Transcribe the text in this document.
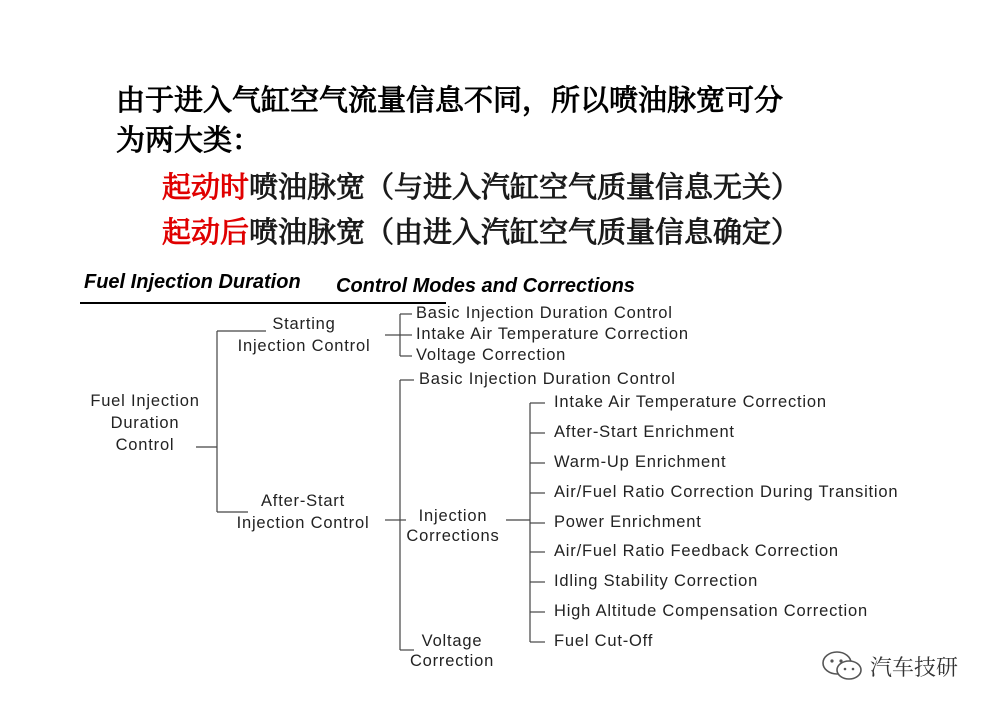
由于进入气缸空气流量信息不同，所以喷油脉宽可分
为两大类：
起动时喷油脉宽（与进入汽缸空气质量信息无关）
起动后喷油脉宽（由进入汽缸空气质量信息确定）
Fuel Injection Duration Control Modes and Corrections
Fuel Injection
Duration
Control
Starting
Injection Control
Basic Injection Duration Control
Intake Air Temperature Correction
Voltage Correction
After-Start
Injection Control
Basic Injection Duration Control
Injection
Corrections
Intake Air Temperature Correction
After-Start Enrichment
Warm-Up Enrichment
Air/Fuel Ratio Correction During Transition
Power Enrichment
Air/Fuel Ratio Feedback Correction
Idling Stability Correction
High Altitude Compensation Correction
Fuel Cut-Off
Voltage
Correction	汽车技研
